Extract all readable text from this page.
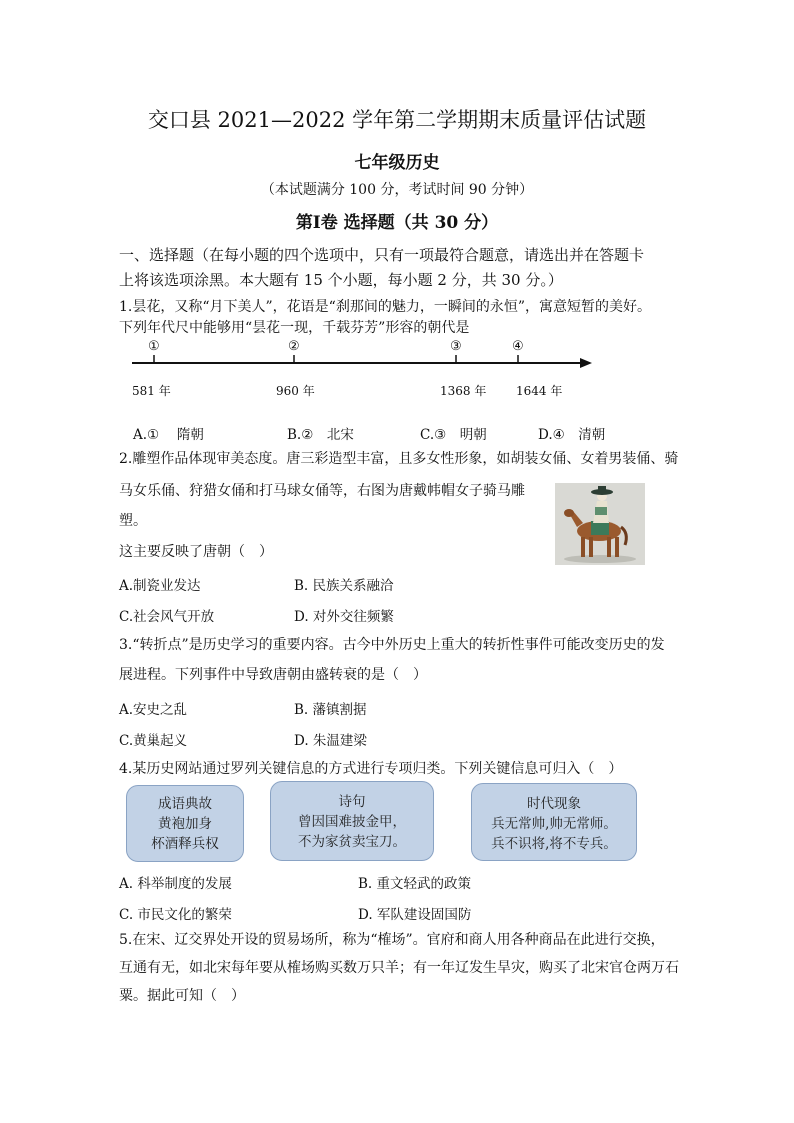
交口县 2021—2022 学年第二学期期末质量评估试题
七年级历史
（本试题满分 100 分，考试时间 90 分钟）
第Ⅰ卷 选择题（共 30 分）
一、选择题（在每小题的四个选项中，只有一项最符合题意，请选出并在答题卡
上将该选项涂黑。本大题有 15 个小题，每小题 2 分，共 30 分。）
1.昙花，又称“月下美人”，花语是“刹那间的魅力，一瞬间的永恒”，寓意短暂的美好。
下列年代尺中能够用“昙花一现，千载芬芳”形容的朝代是
①	②	③	④
581 年	960 年	1368 年 1644 年
A.①　 隋朝	B.②　北宋	C.③　明朝	D.④　清朝
2.雕塑作品体现审美态度。唐三彩造型丰富，且多女性形象，如胡装女俑、女着男装俑、骑
马女乐俑、狩猎女俑和打马球女俑等，右图为唐戴帏帽女子骑马雕
塑。
这主要反映了唐朝（　）
A.制瓷业发达	B. 民族关系融洽
C.社会风气开放	D. 对外交往频繁
3.“转折点”是历史学习的重要内容。古今中外历史上重大的转折性事件可能改变历史的发
展进程。下列事件中导致唐朝由盛转衰的是（　）
A.安史之乱	B. 藩镇割据
C.黄巢起义	D. 朱温建梁
4.某历史网站通过罗列关键信息的方式进行专项归类。下列关键信息可归入（　）
成语典故
黄袍加身
杯酒释兵权
诗句
曾因国难披金甲，
不为家贫卖宝刀。
时代现象
兵无常帅,帅无常师。
兵不识将,将不专兵。
A. 科举制度的发展	B. 重文轻武的政策
C. 市民文化的繁荣	D. 军队建设固国防
5.在宋、辽交界处开设的贸易场所，称为“榷场”。官府和商人用各种商品在此进行交换，
互通有无，如北宋每年要从榷场购买数万只羊；有一年辽发生旱灾，购买了北宋官仓两万石
粟。据此可知（　）
